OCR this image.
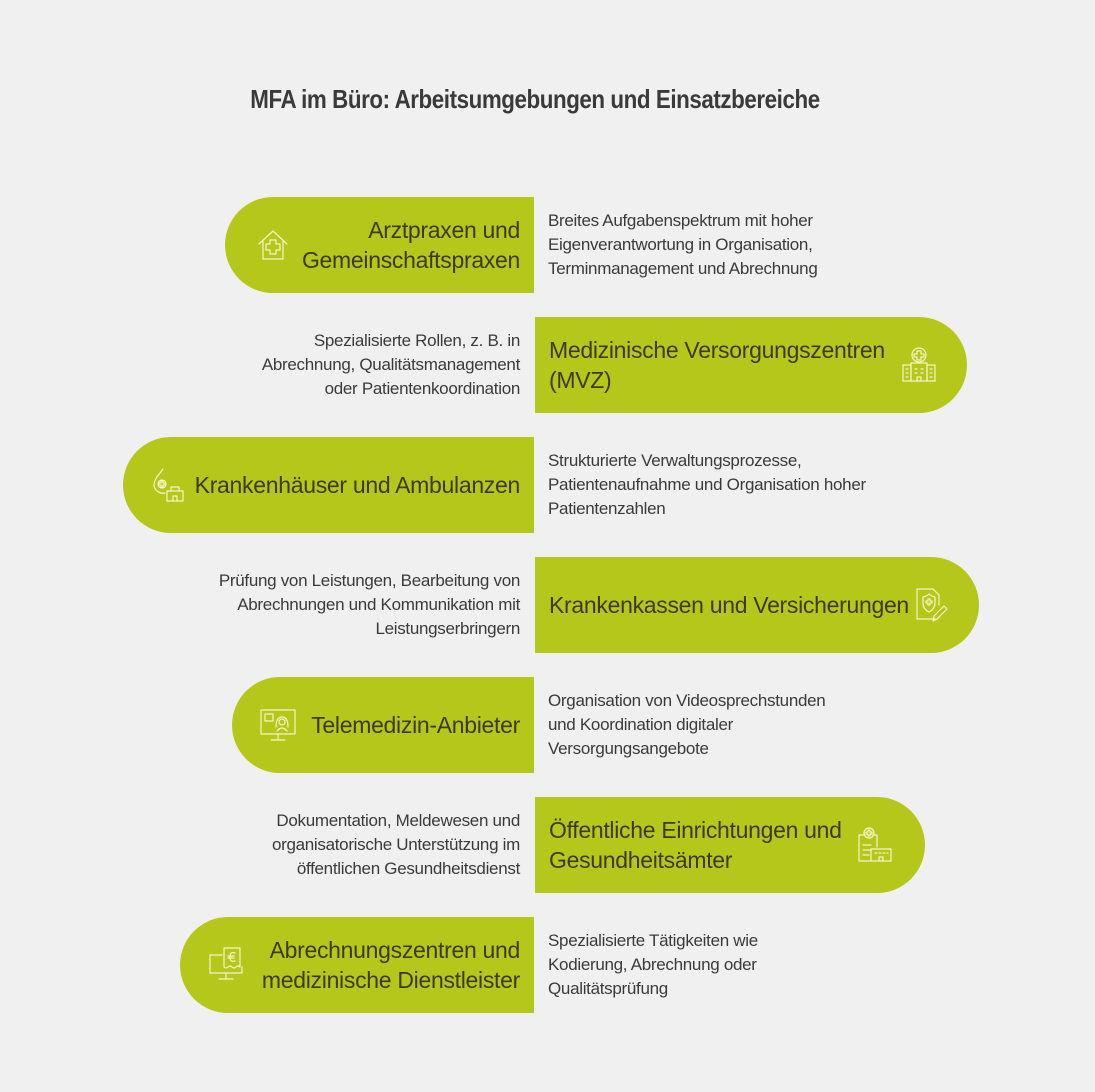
MFA im Büro: Arbeitsumgebungen und Einsatzbereiche
Arztpraxen und
Gemeinschaftspraxen
Breites Aufgabenspektrum mit hoher
Eigenverantwortung in Organisation,
Terminmanagement und Abrechnung
Spezialisierte Rollen, z. B. in
Abrechnung, Qualitätsmanagement
oder Patientenkoordination
Medizinische Versorgungszentren
(MVZ)
Krankenhäuser und Ambulanzen
Strukturierte Verwaltungsprozesse,
Patientenaufnahme und Organisation hoher
Patientenzahlen
Prüfung von Leistungen, Bearbeitung von
Abrechnungen und Kommunikation mit
Leistungserbringern
Krankenkassen und Versicherungen
Telemedizin-Anbieter
Organisation von Videosprechstunden
und Koordination digitaler
Versorgungsangebote
Dokumentation, Meldewesen und
organisatorische Unterstützung im
öffentlichen Gesundheitsdienst
Öffentliche Einrichtungen und
Gesundheitsämter
Abrechnungszentren und
medizinische Dienstleister
Spezialisierte Tätigkeiten wie
Kodierung, Abrechnung oder
Qualitätsprüfung
